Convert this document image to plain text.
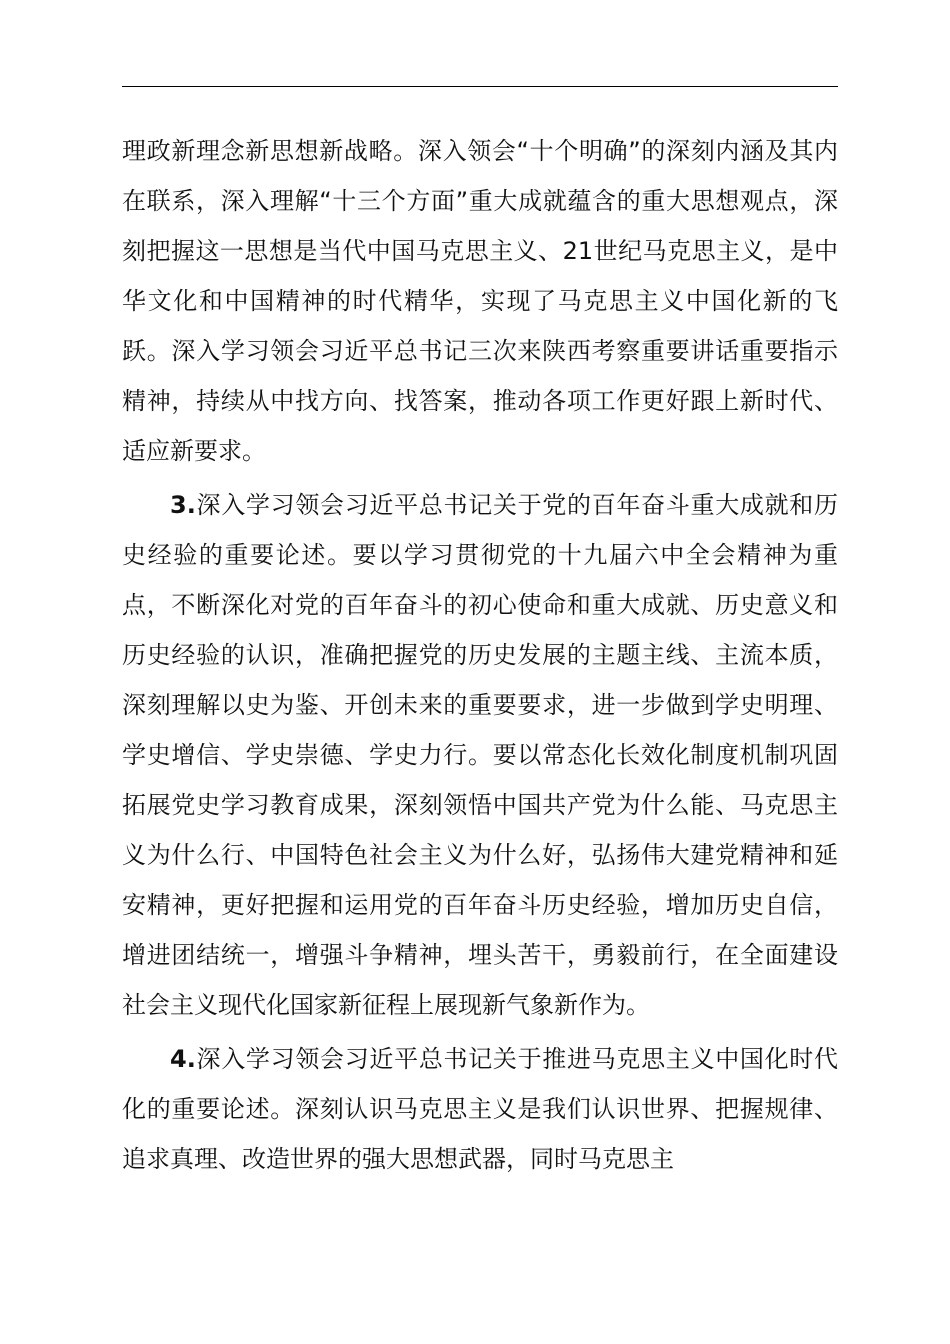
理政新理念新思想新战略。深入领会“十个明确”的深刻内涵及其内在联系，深入理解“十三个方面”重大成就蕴含的重大思想观点，深刻把握这一思想是当代中国马克思主义、21世纪马克思主义，是中华文化和中国精神的时代精华，实现了马克思主义中国化新的飞跃。深入学习领会习近平总书记三次来陕西考察重要讲话重要指示精神，持续从中找方向、找答案，推动各项工作更好跟上新时代、适应新要求。

3.深入学习领会习近平总书记关于党的百年奋斗重大成就和历史经验的重要论述。要以学习贯彻党的十九届六中全会精神为重点，不断深化对党的百年奋斗的初心使命和重大成就、历史意义和历史经验的认识，准确把握党的历史发展的主题主线、主流本质，深刻理解以史为鉴、开创未来的重要要求，进一步做到学史明理、学史增信、学史崇德、学史力行。要以常态化长效化制度机制巩固拓展党史学习教育成果，深刻领悟中国共产党为什么能、马克思主义为什么行、中国特色社会主义为什么好，弘扬伟大建党精神和延安精神，更好把握和运用党的百年奋斗历史经验，增加历史自信，增进团结统一，增强斗争精神，埋头苦干，勇毅前行，在全面建设社会主义现代化国家新征程上展现新气象新作为。

4.深入学习领会习近平总书记关于推进马克思主义中国化时代化的重要论述。深刻认识马克思主义是我们认识世界、把握规律、追求真理、改造世界的强大思想武器，同时马克思主
